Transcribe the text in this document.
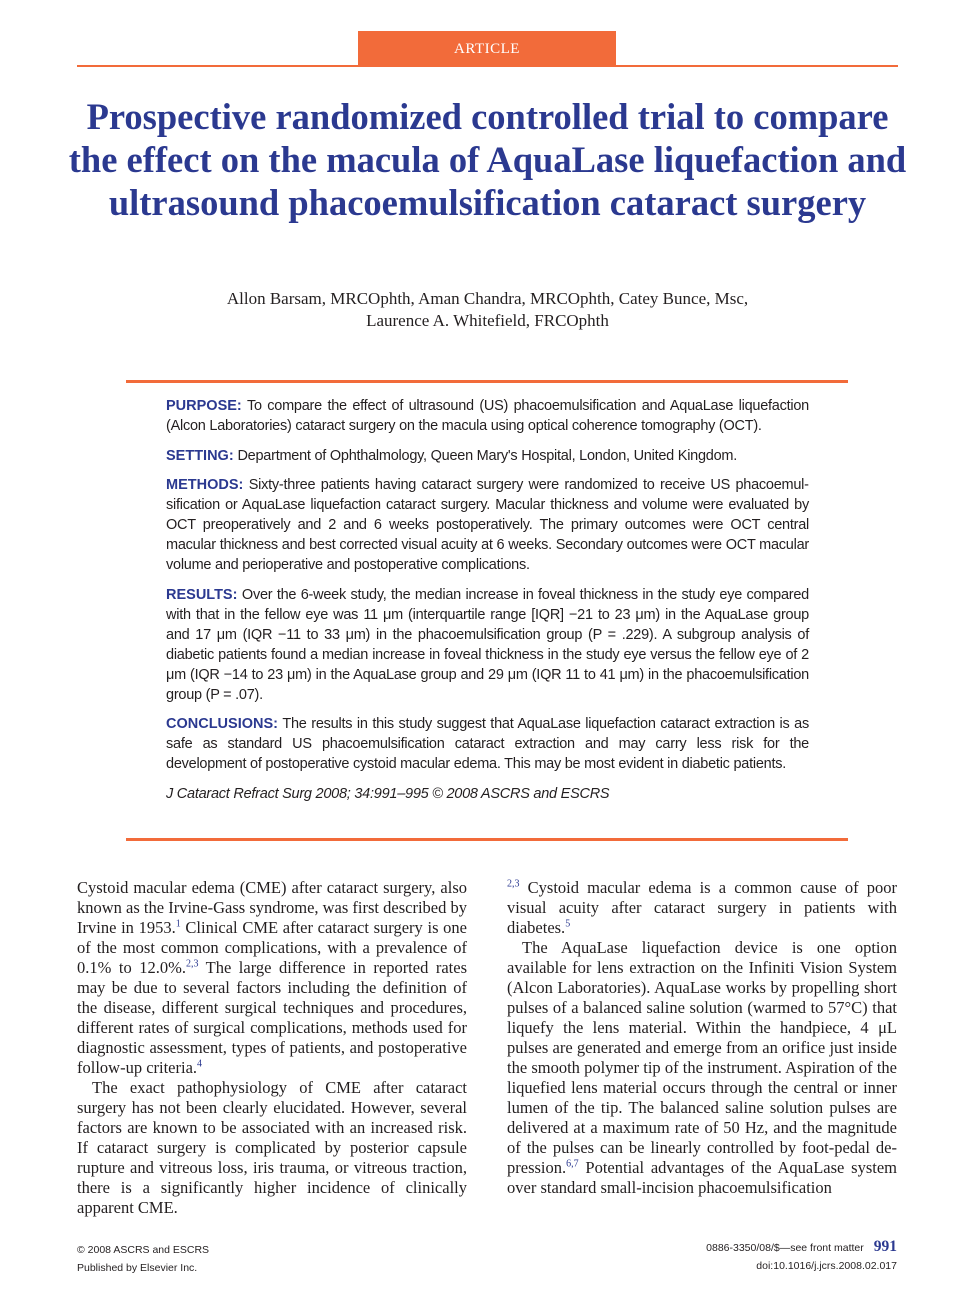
ARTICLE
Prospective randomized controlled trial to compare the effect on the macula of AquaLase liquefaction and ultrasound phacoemulsification cataract surgery
Allon Barsam, MRCOphth, Aman Chandra, MRCOphth, Catey Bunce, Msc,
Laurence A. Whitefield, FRCOphth

PURPOSE: To compare the effect of ultrasound (US) phacoemulsification and AquaLase liquefaction (Alcon Laboratories) cataract surgery on the macula using optical coherence tomography (OCT).

SETTING: Department of Ophthalmology, Queen Mary's Hospital, London, United Kingdom.

METHODS: Sixty-three patients having cataract surgery were randomized to receive US phacoemulsification or AquaLase liquefaction cataract surgery. Macular thickness and volume were evaluated by OCT preoperatively and 2 and 6 weeks postoperatively. The primary outcomes were OCT central macular thickness and best corrected visual acuity at 6 weeks. Secondary outcomes were OCT macular volume and perioperative and postoperative complications.

RESULTS: Over the 6-week study, the median increase in foveal thickness in the study eye compared with that in the fellow eye was 11 μm (interquartile range [IQR] −21 to 23 μm) in the AquaLase group and 17 μm (IQR −11 to 33 μm) in the phacoemulsification group (P = .229). A subgroup analysis of diabetic patients found a median increase in foveal thickness in the study eye versus the fellow eye of 2 μm (IQR −14 to 23 μm) in the AquaLase group and 29 μm (IQR 11 to 41 μm) in the phacoemulsification group (P = .07).

CONCLUSIONS: The results in this study suggest that AquaLase liquefaction cataract extraction is as safe as standard US phacoemulsification cataract extraction and may carry less risk for the development of postoperative cystoid macular edema. This may be most evident in diabetic patients.

J Cataract Refract Surg 2008; 34:991–995 © 2008 ASCRS and ESCRS

Cystoid macular edema (CME) after cataract surgery, also known as the Irvine-Gass syndrome, was first described by Irvine in 1953.$^1$ Clinical CME after cataract surgery is one of the most common complications, with a prevalence of 0.1% to 12.0%.$^{2,3}$ The large difference in reported rates may be due to several factors including the definition of the disease, different surgical techniques and procedures, different rates of surgical complications, methods used for diagnostic assessment, types of patients, and postoperative follow-up criteria.$^4$

The exact pathophysiology of CME after cataract surgery has not been clearly elucidated. However, several factors are known to be associated with an increased risk. If cataract surgery is complicated by posterior capsule rupture and vitreous loss, iris trauma, or vitreous traction, there is a significantly higher incidence of clinically apparent CME.

$^{2,3}$ Cystoid macular edema is a common cause of poor visual acuity after cataract surgery in patients with diabetes.$^5$

The AquaLase liquefaction device is one option available for lens extraction on the Infiniti Vision System (Alcon Laboratories). AquaLase works by propelling short pulses of a balanced saline solution (warmed to 57°C) that liquefy the lens material. Within the handpiece, 4 μL pulses are generated and emerge from an orifice just inside the smooth polymer tip of the instrument. Aspiration of the liquefied lens material occurs through the central or inner lumen of the tip. The balanced saline solution pulses are delivered at a maximum rate of 50 Hz, and the magnitude of the pulses can be linearly controlled by foot-pedal depression.$^{6,7}$ Potential advantages of the AquaLase system over standard small-incision phacoemulsification

© 2008 ASCRS and ESCRS
Published by Elsevier Inc.
0886-3350/08/$—see front matter 991
doi:10.1016/j.jcrs.2008.02.017
